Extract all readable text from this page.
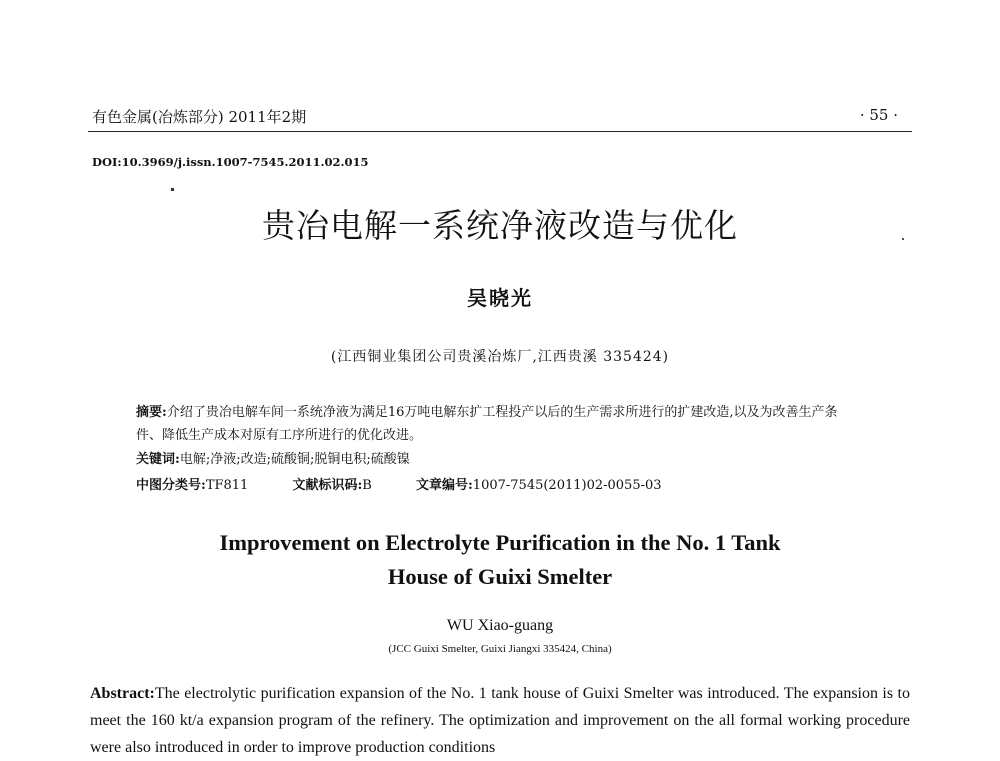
有色金属(冶炼部分) 2011年2期	· 55 ·
DOI:10.3969/j.issn.1007-7545.2011.02.015
贵冶电解一系统净液改造与优化
吴晓光
(江西铜业集团公司贵溪冶炼厂,江西贵溪 335424)
摘要:介绍了贵冶电解车间一系统净液为满足16万吨电解东扩工程投产以后的生产需求所进行的扩建改造,以及为改善生产条件、降低生产成本对原有工序所进行的优化改进。
关键词:电解;净液;改造;硫酸铜;脱铜电积;硫酸镍
中图分类号:TF811	文献标识码:B	文章编号:1007-7545(2011)02-0055-03
Improvement on Electrolyte Purification in the No. 1 Tank
House of Guixi Smelter
WU Xiao-guang
(JCC Guixi Smelter, Guixi Jiangxi 335424, China)
Abstract:The electrolytic purification expansion of the No. 1 tank house of Guixi Smelter was introduced. The expansion is to meet the 160 kt/a expansion program of the refinery. The optimization and improvement on the all formal working procedure were also introduced in order to improve production conditions
